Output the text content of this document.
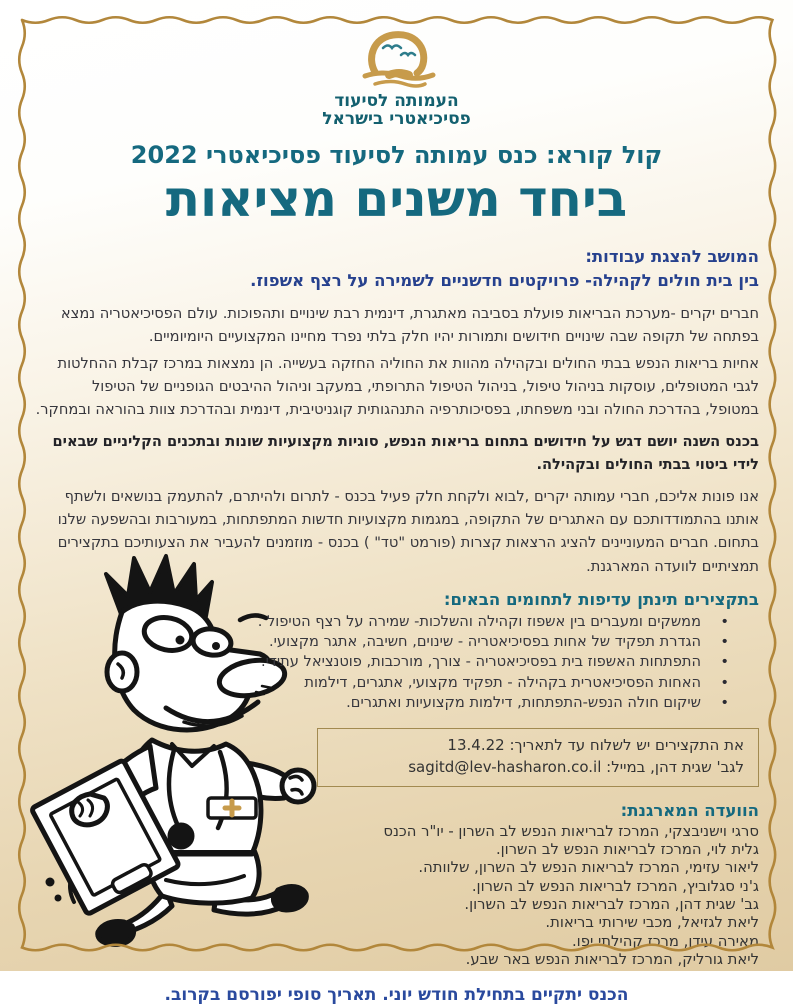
העמותה לסיעוד
פסיכיאטרי בישראל
קול קורא: כנס עמותה לסיעוד פסיכיאטרי 2022
ביחד משנים מציאות
המושב להצגת עבודות:
בין בית חולים לקהילה- פרויקטים חדשניים לשמירה על רצף אשפוז.

חברים יקרים -מערכת הבריאות פועלת בסביבה מאתגרת, דינמית רבת שינויים ותהפוכות. עולם הפסיכיאטריה נמצא בפתחה של תקופה שבה שינויים חידושים ותמורות יהיו חלק בלתי נפרד מחיינו המקצועיים היומיומיים.

אחיות בריאות הנפש בבתי החולים ובקהילה מהוות את החוליה החזקה בעשייה. הן נמצאות במרכז קבלת ההחלטות לגבי המטופלים, עוסקות בניהול טיפול, בניהול הטיפול התרופתי, במעקב וניהול ההיבטים הגופניים של הטיפול במטופל, בהדרכת החולה ובני משפחתו, בפסיכותרפיה התנהגותית קוגניטיבית, דינמית ובהדרכת צוות בהוראה ובמחקר.

בכנס השנה יושם דגש על חידושים בתחום בריאות הנפש, סוגיות מקצועיות שונות ובתכנים הקליניים שבאים לידי ביטוי בבתי החולים ובקהילה.

אנו פונות אליכם, חברי עמותה יקרים ,לבוא ולקחת חלק פעיל בכנס - לתרום ולהיתרם, להתעמק בנושאים ולשתף אותנו בהתמודדותכם עם האתגרים של התקופה, במגמות מקצועיות חדשות המתפתחות, במעורבות ובהשפעה שלנו בתחום. חברים המעוניינים להציג הרצאות קצרות (פורמט "טד" ) בכנס - מוזמנים להעביר את הצעותיכם בתקצירים תמציתיים לוועדה המארגנת.

בתקצירים תינתן עדיפות לתחומים הבאים:
• ממשקים ומעברים בין אשפוז וקהילה והשלכות- שמירה על רצף הטיפול .
• הגדרת תפקיד של אחות בפסיכיאטריה - שינוים, חשיבה, אתגר מקצועי.
• התפתחות האשפוז בית בפסיכיאטריה - צורך, מורכבות, פוטנציאל עתידי.
• האחות הפסיכיאטרית בקהילה - תפקיד מקצועי, אתגרים, דילמות
• שיקום חולה הנפש-התפתחות, דילמות מקצועיות ואתגרים.
את התקצירים יש לשלוח עד לתאריך: 13.4.22
לגב' שגית דהן, במייל: sagitd@lev-hasharon.co.il
הוועדה המארגנת:
סרגי וישניבצקי, המרכז לבריאות הנפש לב השרון - יו"ר הכנס
גלית לוי, המרכז לבריאות הנפש לב השרון.
ליאור עזימי, המרכז לבריאות הנפש לב השרון, שלוותה.
ג'ני סגלוביץ, המרכז לבריאות הנפש לב השרון.
גב' שגית דהן, המרכז לבריאות הנפש לב השרון.
ליאת לגזיאל, מכבי שירותי בריאות.
מאירה עידן, מרכז קהילתי יפו.
ליאת גורליק, המרכז לבריאות הנפש באר שבע.
הכנס יתקיים בתחילת חודש יוני. תאריך סופי יפורסם בקרוב.
